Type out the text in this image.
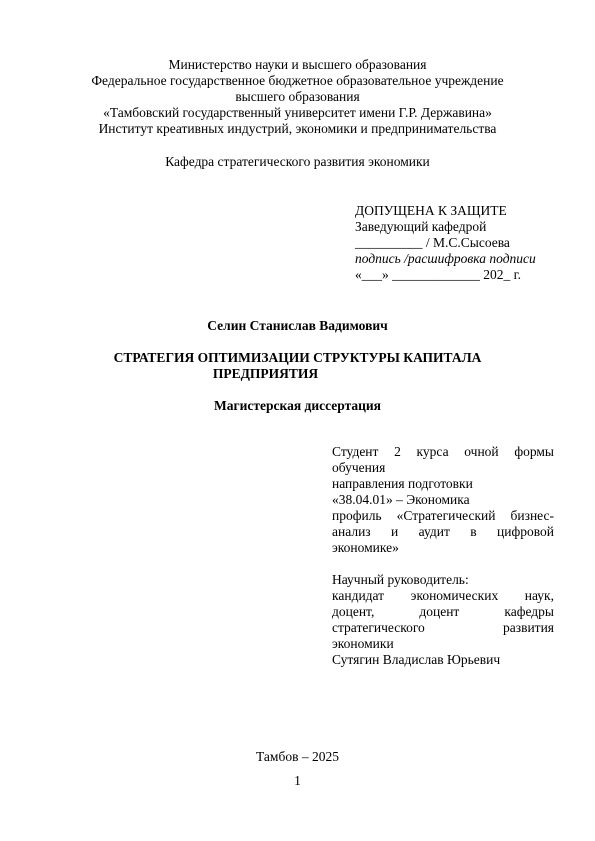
Министерство науки и высшего образования
Федеральное государственное бюджетное образовательное учреждение
высшего образования
«Тамбовский государственный университет имени Г.Р. Державина»
Институт креативных индустрий, экономики и предпринимательства
Кафедра стратегического развития экономики
ДОПУЩЕНА К ЗАЩИТЕ
Заведующий кафедрой
__________ / М.С.Сысоева
подпись /расшифровка подписи
«___» _____________ 202_ г.
Селин Станислав Вадимович
СТРАТЕГИЯ ОПТИМИЗАЦИИ СТРУКТУРЫ КАПИТАЛА
ПРЕДПРИЯТИЯ
Магистерская диссертация
Студент 2 курса очной формы
обучения
направления подготовки
«38.04.01» – Экономика
профиль «Стратегический бизнес-
анализ и аудит в цифровой
экономике»
Научный руководитель:
кандидат экономических наук,
доцент, доцент кафедры
стратегического развития
экономики
Сутягин Владислав Юрьевич
Тамбов – 2025
1
